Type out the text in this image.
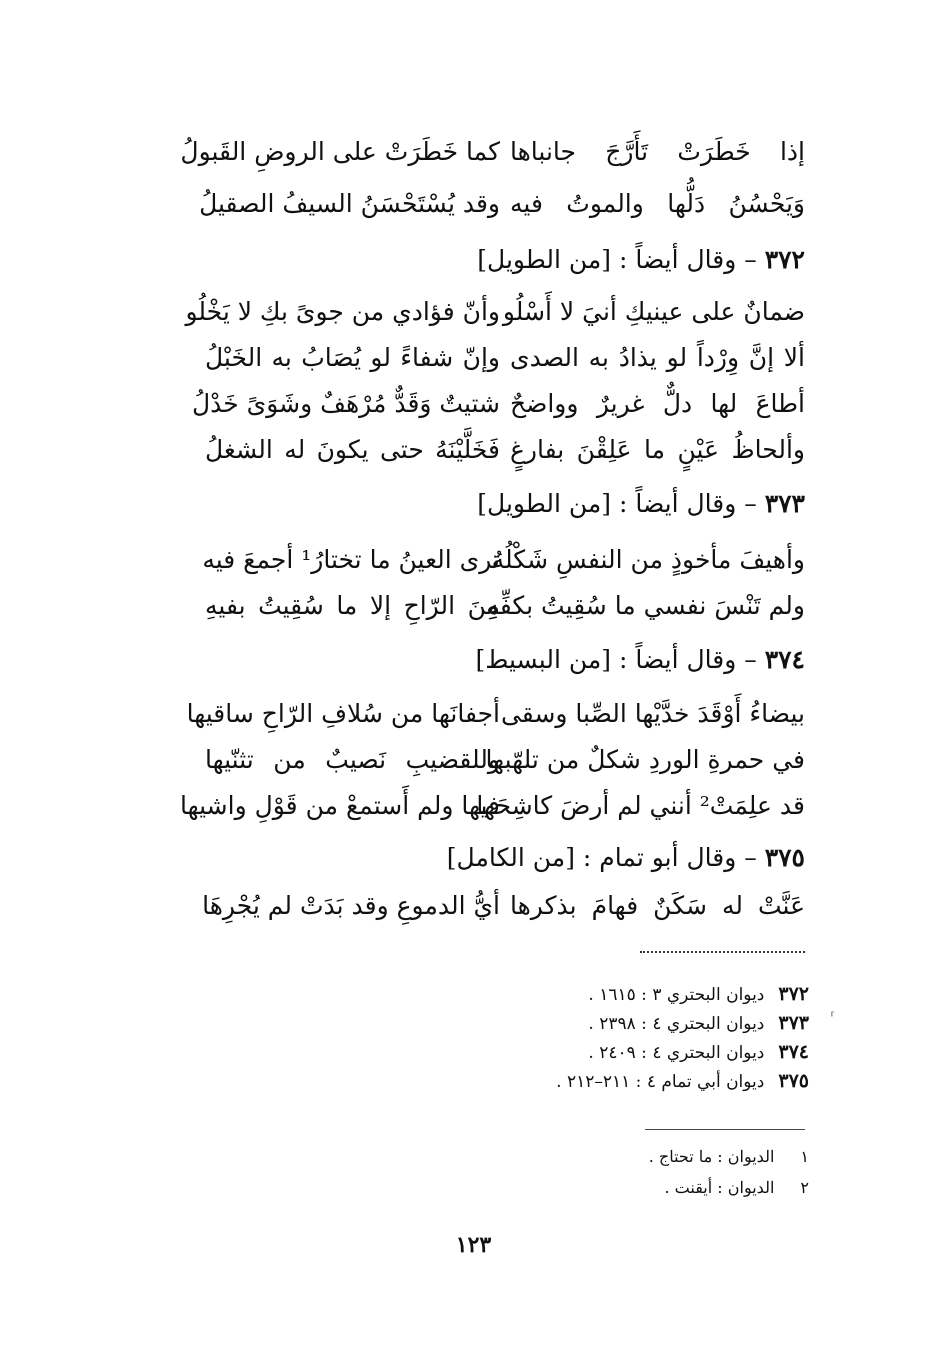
إذا خَطَرَتْ تَأَرَّجَ جانباها
كما خَطَرَتْ على الروضِ القَبولُ
وَيَحْسُنُ دَلُّها والموتُ فيه
وقد يُسْتَحْسَنُ السيفُ الصقيلُ
٣٧٢ – وقال أيضاً : [من الطويل]
ضمانٌ على عينيكِ أنيَ لا أَسْلُو
وأنّ فؤادي من جوىً بكِ لا يَخْلُو
ألا إنَّ وِرْداً لو يذادُ به الصدى
وإنّ شفاءً لو يُصَابُ به الخَبْلُ
أطاعَ لها دلٌّ غريرٌ وواضحٌ
شتيتٌ وَقَدٌّ مُرْهَفٌ وشَوَىً خَدْلُ
وألحاظُ عَيْنٍ ما عَلِقْنَ بفارغٍ
فَخَلَّيْنَهُ حتى يكونَ له الشغلُ
٣٧٣ – وقال أيضاً : [من الطويل]
وأهيفَ مأخوذٍ من النفسِ شَكْلُهُ
ترى العينُ ما تختارُ¹ أجمعَ فيه
ولم تَنْسَ نفسي ما سُقِيتُ بكفِّهِ
مِنَ الرّاحِ إلا ما سُقِيتُ بفيهِ
٣٧٤ – وقال أيضاً : [من البسيط]
بيضاءُ أَوْقَدَ خدَّيْها الصِّبا وسقى
أجفانَها من سُلافِ الرّاحِ ساقيها
في حمرةِ الوردِ شكلٌ من تلهّبها
وللقضيبِ نَصيبٌ من تثنّيها
قد علِمَتْ² أنني لم أرضَ كاشِحَها
فيها ولم أَستمعْ من قَوْلِ واشيها
٣٧٥ – وقال أبو تمام : [من الكامل]
عَنَّتْ له سَكَنٌ فهامَ بذكرها
أيُّ الدموعِ وقد بَدَتْ لم يُجْرِهَا
٣٧٢ديوان البحتري ٣ : ١٦١٥ .
٣٧٣ديوان البحتري ٤ : ٢٣٩٨ .
٣٧٤ديوان البحتري ٤ : ٢٤٠٩ .
٣٧٥ديوان أبي تمام ٤ : ٢١١–٢١٢ .
⸢
١الديوان : ما تحتاج .
٢الديوان : أيقنت .
١٢٣
